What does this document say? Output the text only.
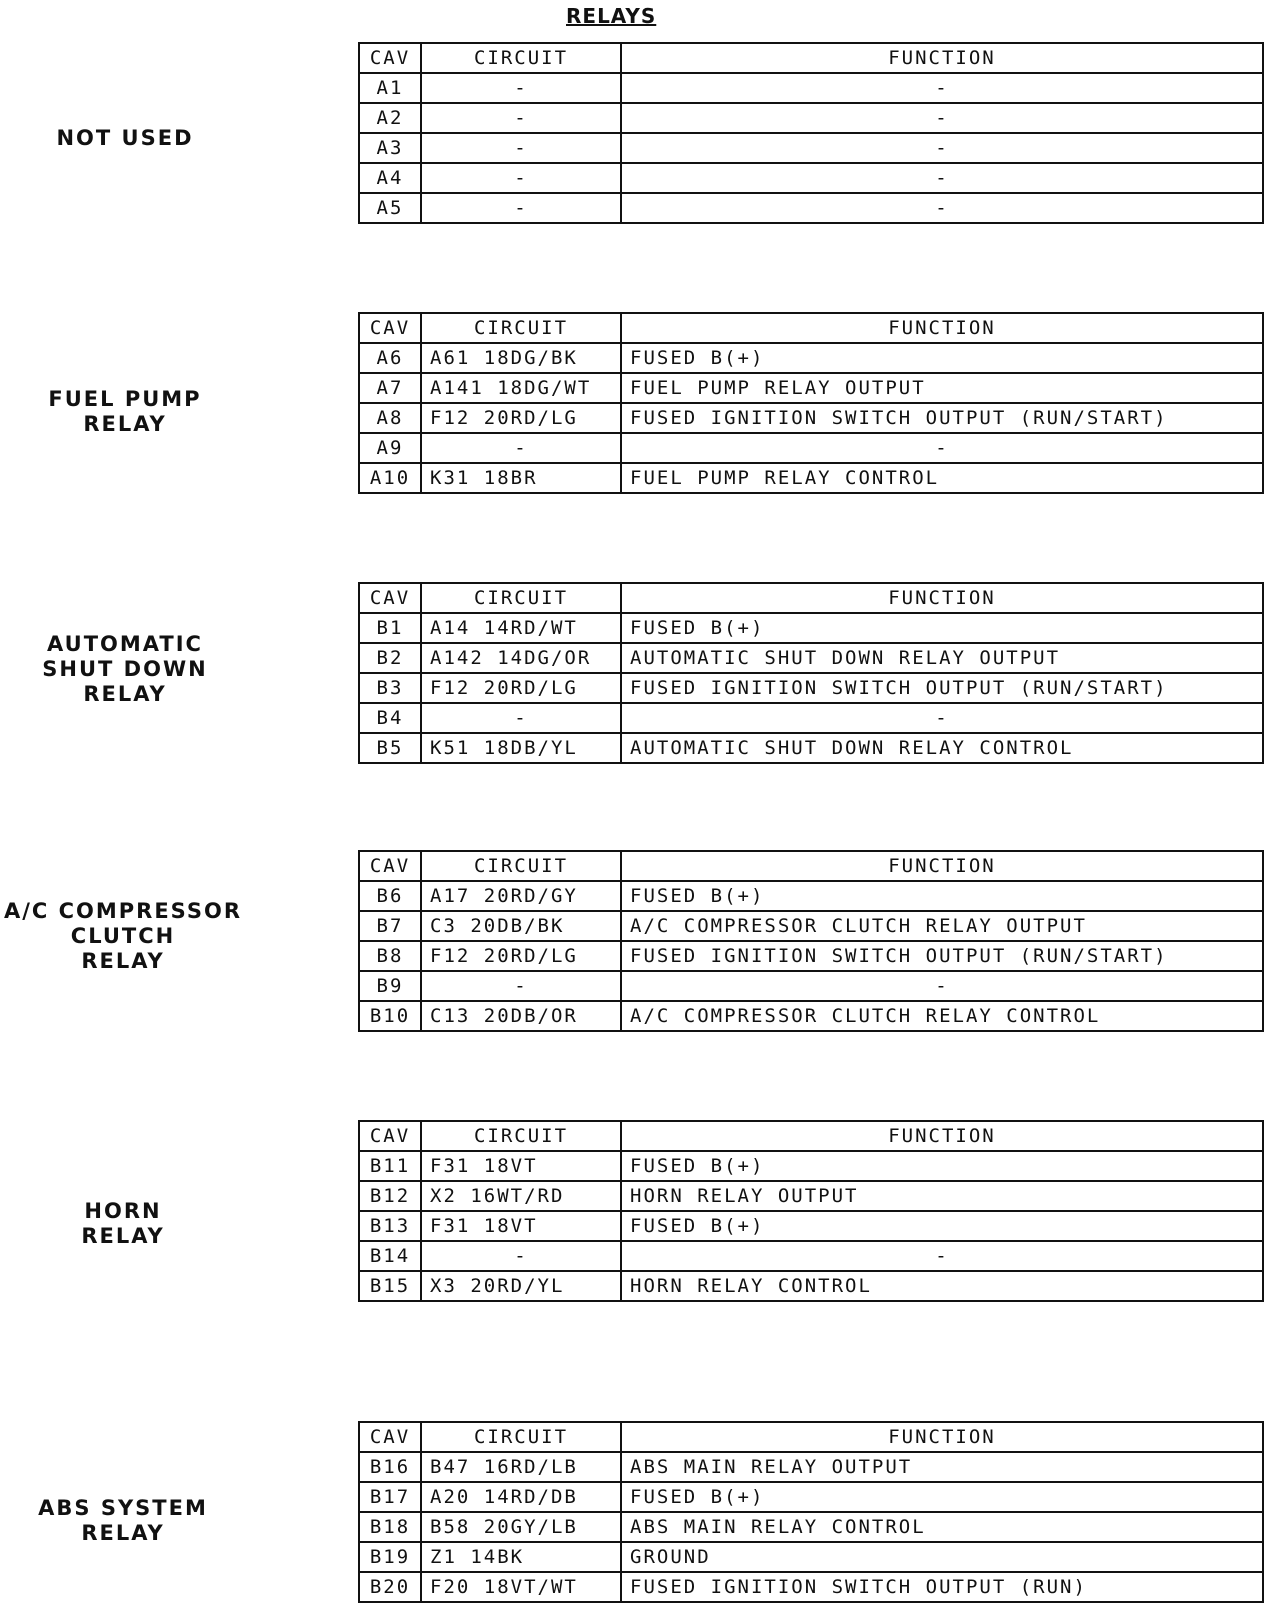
RELAYS
NOT USED
CAV	CIRCUIT	FUNCTION
A1	-	-
A2	-	-
A3	-	-
A4	-	-
A5	-	-
FUEL PUMP
RELAY
CAV	CIRCUIT	FUNCTION
A6	A61 18DG/BK	FUSED B(+)
A7	A141 18DG/WT	FUEL PUMP RELAY OUTPUT
A8	F12 20RD/LG	FUSED IGNITION SWITCH OUTPUT (RUN/START)
A9	-	-
A10	K31 18BR	FUEL PUMP RELAY CONTROL
AUTOMATIC
SHUT DOWN
RELAY
CAV	CIRCUIT	FUNCTION
B1	A14 14RD/WT	FUSED B(+)
B2	A142 14DG/OR	AUTOMATIC SHUT DOWN RELAY OUTPUT
B3	F12 20RD/LG	FUSED IGNITION SWITCH OUTPUT (RUN/START)
B4	-	-
B5	K51 18DB/YL	AUTOMATIC SHUT DOWN RELAY CONTROL
A/C COMPRESSOR
CLUTCH
RELAY
CAV	CIRCUIT	FUNCTION
B6	A17 20RD/GY	FUSED B(+)
B7	C3 20DB/BK	A/C COMPRESSOR CLUTCH RELAY OUTPUT
B8	F12 20RD/LG	FUSED IGNITION SWITCH OUTPUT (RUN/START)
B9	-	-
B10	C13 20DB/OR	A/C COMPRESSOR CLUTCH RELAY CONTROL
HORN
RELAY
CAV	CIRCUIT	FUNCTION
B11	F31 18VT	FUSED B(+)
B12	X2 16WT/RD	HORN RELAY OUTPUT
B13	F31 18VT	FUSED B(+)
B14	-	-
B15	X3 20RD/YL	HORN RELAY CONTROL
ABS SYSTEM
RELAY
CAV	CIRCUIT	FUNCTION
B16	B47 16RD/LB	ABS MAIN RELAY OUTPUT
B17	A20 14RD/DB	FUSED B(+)
B18	B58 20GY/LB	ABS MAIN RELAY CONTROL
B19	Z1 14BK	GROUND
B20	F20 18VT/WT	FUSED IGNITION SWITCH OUTPUT (RUN)
